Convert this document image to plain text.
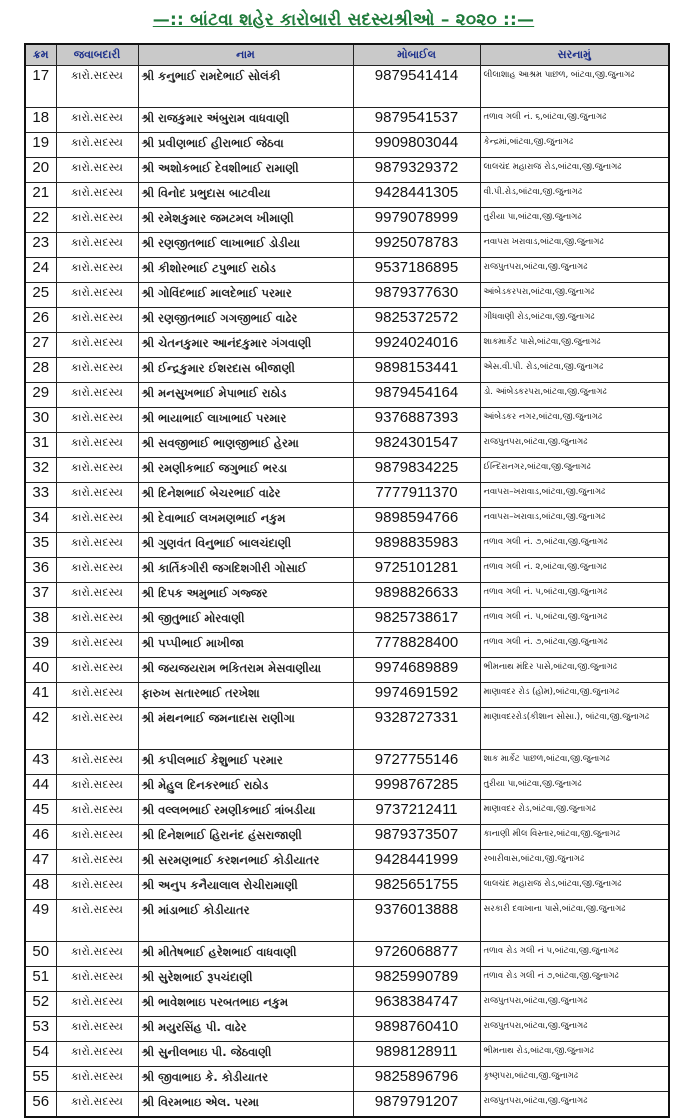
—:: બાંટવા શહેર કારોબારી સદસ્યશ્રીઓ – ૨૦૨૦ ::—
ક્રમ	જવાબદારી	નામ	મોબાઈલ	સરનામું
17	કારો.સદસ્ય	શ્રી કનુભાઈ રામદેભાઈ સોલંકી	9879541414	લીલાશાહ આશ્રમ પાછળ, બાંટવા,જી.જુનાગઢ
18	કારો.સદસ્ય	શ્રી રાજકુમાર અંબુરામ વાધવાણી	9879541537	તળાવ ગલી નં. ૬,બાંટવા,જી.જુનાગઢ
19	કારો.સદસ્ય	શ્રી પ્રવીણભાઈ હીરાભાઈ જેઠવા	9909803044	કેન્દ્રમાં,બાંટવા,જી.જુનાગઢ
20	કારો.સદસ્ય	શ્રી અશોકભાઈ દેવશીભાઈ રામાણી	9879329372	લાલચંદ મહારાજ રોડ,બાંટવા,જી.જુનાગઢ
21	કારો.સદસ્ય	શ્રી વિનોદ પ્રભુદાસ બાટવીયા	9428441305	વી.પી.રોડ,બાંટવા,જી.જુનાગઢ
22	કારો.સદસ્ય	શ્રી રમેશકુમાર જમટમલ ખીમાણી	9979078999	તુરીયા પા,બાંટવા,જી.જુનાગઢ
23	કારો.સદસ્ય	શ્રી રણજીતભાઈ લાખાભાઈ ડોડીયા	9925078783	નવાપરા ખરાવાડ,બાંટવા,જી.જુનાગઢ
24	કારો.સદસ્ય	શ્રી કીશોરભાઈ ટપુભાઈ રાઠોડ	9537186895	રાજપુતપરા,બાંટવા,જી.જુનાગઢ
25	કારો.સદસ્ય	શ્રી ગોવિંદભાઈ માલદેભાઈ પરમાર	9879377630	આંબેડકરપરા,બાંટવા,જી.જુનાગઢ
26	કારો.સદસ્ય	શ્રી રણજીતભાઈ ગગજીભાઈ વાઢેર	9825372572	ગીધવાણી રોડ,બાંટવા,જી.જુનાગઢ
27	કારો.સદસ્ય	શ્રી ચેતનકુમાર આનંદકુમાર ગંગવાણી	9924024016	શાકમાર્કેટ પાસે,બાંટવા,જી.જુનાગઢ
28	કારો.સદસ્ય	શ્રી ઈન્દ્રકુમાર ઈશરદાસ બીજાણી	9898153441	એસ.વી.પી. રોડ,બાંટવા,જી.જુનાગઢ
29	કારો.સદસ્ય	શ્રી મનસુખભાઈ મેપાભાઈ રાઠોડ	9879454164	ડો. આંબેડકરપરા,બાંટવા,જી.જુનાગઢ
30	કારો.સદસ્ય	શ્રી ભાયાભાઈ લાખાભાઈ પરમાર	9376887393	આંબેડકર નગર,બાંટવા,જી.જુનાગઢ
31	કારો.સદસ્ય	શ્રી સવજીભાઈ ભાણજીભાઈ હેરમા	9824301547	રાજપુતપરા,બાંટવા,જી.જુનાગઢ
32	કારો.સદસ્ય	શ્રી રમણીકભાઈ જગુભાઈ ભરડા	9879834225	ઈન્દિરાનગર,બાંટવા,જી.જુનાગઢ
33	કારો.સદસ્ય	શ્રી દિનેશભાઈ બેચરભાઈ વાઢેર	7777911370	નવાપરા–ખરાવાડ,બાંટવા,જી.જુનાગઢ
34	કારો.સદસ્ય	શ્રી દેવાભાઈ લખમણભાઈ નકુમ	9898594766	નવાપરા–ખરાવાડ,બાંટવા,જી.જુનાગઢ
35	કારો.સદસ્ય	શ્રી ગુણવંત વિનુભાઈ બાલચંદાણી	9898835983	તળાવ ગલી નં. ૭,બાંટવા,જી.જુનાગઢ
36	કારો.સદસ્ય	શ્રી કાર્તિકગીરી જગદિશગીરી ગોસાઈ	9725101281	તળાવ ગલી નં. ૨,બાંટવા,જી.જુનાગઢ
37	કારો.સદસ્ય	શ્રી દિપક અમુભાઈ ગજ્જર	9898826633	તળાવ ગલી નં. ૫,બાંટવા,જી.જુનાગઢ
38	કારો.સદસ્ય	શ્રી જીતુભાઈ મોરવાણી	9825738617	તળાવ ગલી નં. ૫,બાંટવા,જી.જુનાગઢ
39	કારો.સદસ્ય	શ્રી પપ્પીભાઈ માખીજા	7778828400	તળાવ ગલી નં. ૭,બાંટવા,જી.જુનાગઢ
40	કારો.સદસ્ય	શ્રી જયજયરામ ભકિતરામ મેસવાણીયા	9974689889	ભીમનાથ મંદિર પાસે,બાંટવા,જી.જુનાગઢ
41	કારો.સદસ્ય	ફારુખ સતારભાઈ તરખેશા	9974691592	માણાવદર રોડ (હોમ),બાંટવા,જી.જુનાગઢ
42	કારો.સદસ્ય	શ્રી મંથનભાઈ જમનાદાસ રાણીગા	9328727331	માણાવદરરોડ(કીશાન સોસા.), બાંટવા,જી.જુનાગઢ
43	કારો.સદસ્ય	શ્રી કપીલભાઈ કેશુભાઈ પરમાર	9727755146	શાક માર્કેટ પાછળ,બાંટવા,જી.જુનાગઢ
44	કારો.સદસ્ય	શ્રી મેહુલ દિનકરભાઈ રાઠોડ	9998767285	તુરીયા પા,બાંટવા,જી.જુનાગઢ
45	કારો.સદસ્ય	શ્રી વલ્લભભાઈ રમણીકભાઈ ત્રાંબડીયા	9737212411	માણાવદર રોડ,બાંટવા,જી.જુનાગઢ
46	કારો.સદસ્ય	શ્રી દિનેશભાઈ હિરાનંદ હંસરાજાણી	9879373507	કાનાણી મીલ વિસ્તાર,બાંટવા,જી.જુનાગઢ
47	કારો.સદસ્ય	શ્રી સરમણભાઈ કરશનભાઈ કોડીયાતર	9428441999	રબારીવાસ,બાંટવા,જી.જુનાગઢ
48	કારો.સદસ્ય	શ્રી અનુપ કનૈયાલાલ રોચીરામાણી	9825651755	લાલચંદ મહારાજ રોડ,બાંટવા,જી.જુનાગઢ
49	કારો.સદસ્ય	શ્રી માંડાભાઈ કોડીયાતર	9376013888	સરકારી દવાખાના પાસે,બાંટવા,જી.જુનાગઢ
50	કારો.સદસ્ય	શ્રી મીતેષભાઈ હરેશભાઈ વાધવાણી	9726068877	તળાવ રોડ ગલી નં ૫,બાંટવા,જી.જુનાગઢ
51	કારો.સદસ્ય	શ્રી સુરેશભાઈ રૂપચંદાણી	9825990789	તળાવ રોડ ગલી નં ૭,બાંટવા,જી.જુનાગઢ
52	કારો.સદસ્ય	શ્રી ભાવેશભાઇ પરબતભાઇ નકુમ	9638384747	રાજપુતપરા,બાંટવા,જી.જુનાગઢ
53	કારો.સદસ્ય	શ્રી મયુરસિંહ પી. વાઢેર	9898760410	રાજપુતપરા,બાંટવા,જી.જુનાગઢ
54	કારો.સદસ્ય	શ્રી સુનીલભાઇ પી. જેઠવાણી	9898128911	ભીમનાથ રોડ,બાંટવા,જી.જુનાગઢ
55	કારો.સદસ્ય	શ્રી જીવાભાઇ કે. કોડીયાતર	9825896796	કૃષ્ણપરા,બાંટવા,જી.જુનાગઢ
56	કારો.સદસ્ય	શ્રી વિરમભાઇ એલ. પરમા	9879791207	રાજપુતપરા,બાંટવા,જી.જુનાગઢ
